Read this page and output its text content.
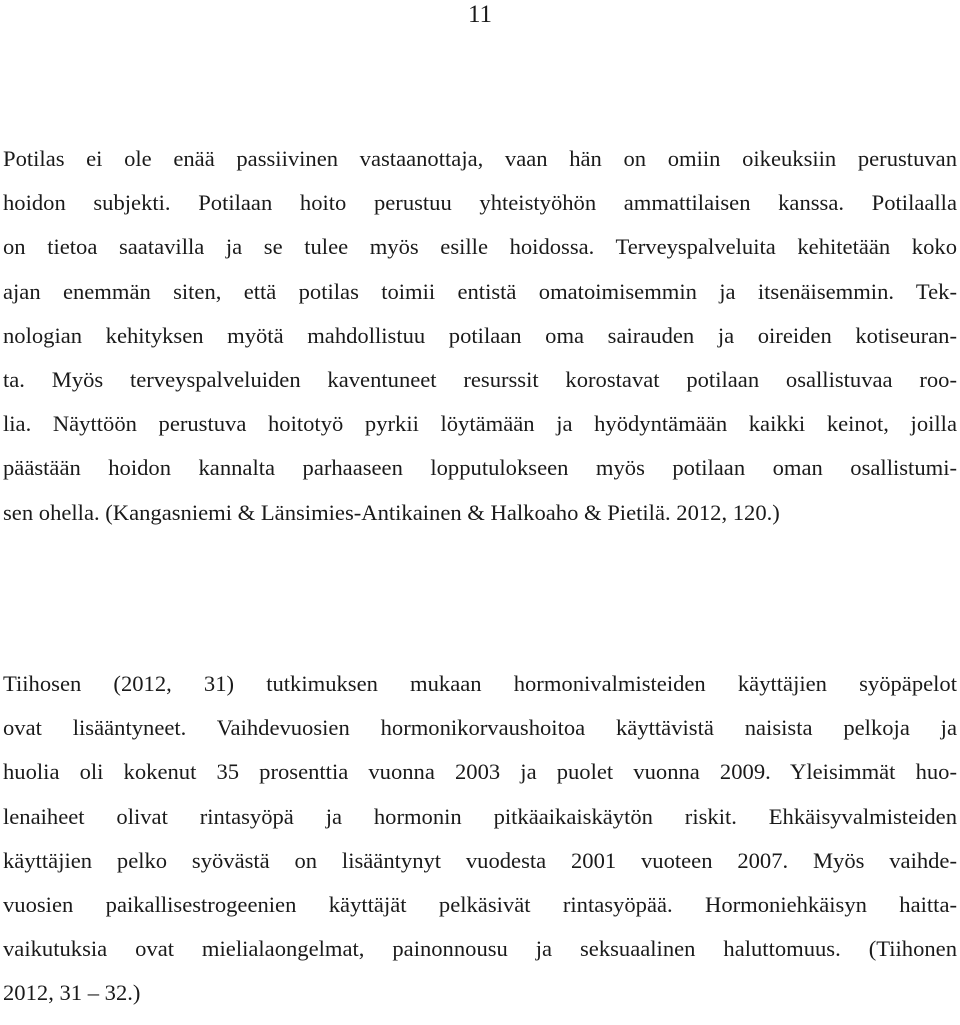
11
Potilas ei ole enää passiivinen vastaanottaja, vaan hän on omiin oikeuksiin perustuvan
hoidon subjekti. Potilaan hoito perustuu yhteistyöhön ammattilaisen kanssa. Potilaalla
on tietoa saatavilla ja se tulee myös esille hoidossa. Terveyspalveluita kehitetään koko
ajan enemmän siten, että potilas toimii entistä omatoimisemmin ja itsenäisemmin. Tek-
nologian kehityksen myötä mahdollistuu potilaan oma sairauden ja oireiden kotiseuran-
ta. Myös terveyspalveluiden kaventuneet resurssit korostavat potilaan osallistuvaa roo-
lia. Näyttöön perustuva hoitotyö pyrkii löytämään ja hyödyntämään kaikki keinot, joilla
päästään hoidon kannalta parhaaseen lopputulokseen myös potilaan oman osallistumi-
sen ohella. (Kangasniemi & Länsimies-Antikainen & Halkoaho & Pietilä. 2012, 120.)
Tiihosen (2012, 31) tutkimuksen mukaan hormonivalmisteiden käyttäjien syöpäpelot
ovat lisääntyneet. Vaihdevuosien hormonikorvaushoitoa käyttävistä naisista pelkoja ja
huolia oli kokenut 35 prosenttia vuonna 2003 ja puolet vuonna 2009. Yleisimmät huo-
lenaiheet olivat rintasyöpä ja hormonin pitkäaikaiskäytön riskit. Ehkäisyvalmisteiden
käyttäjien pelko syövästä on lisääntynyt vuodesta 2001 vuoteen 2007. Myös vaihde-
vuosien paikallisestrogeenien käyttäjät pelkäsivät rintasyöpää. Hormoniehkäisyn haitta-
vaikutuksia ovat mielialaongelmat, painonnousu ja seksuaalinen haluttomuus. (Tiihonen
2012, 31 – 32.)
